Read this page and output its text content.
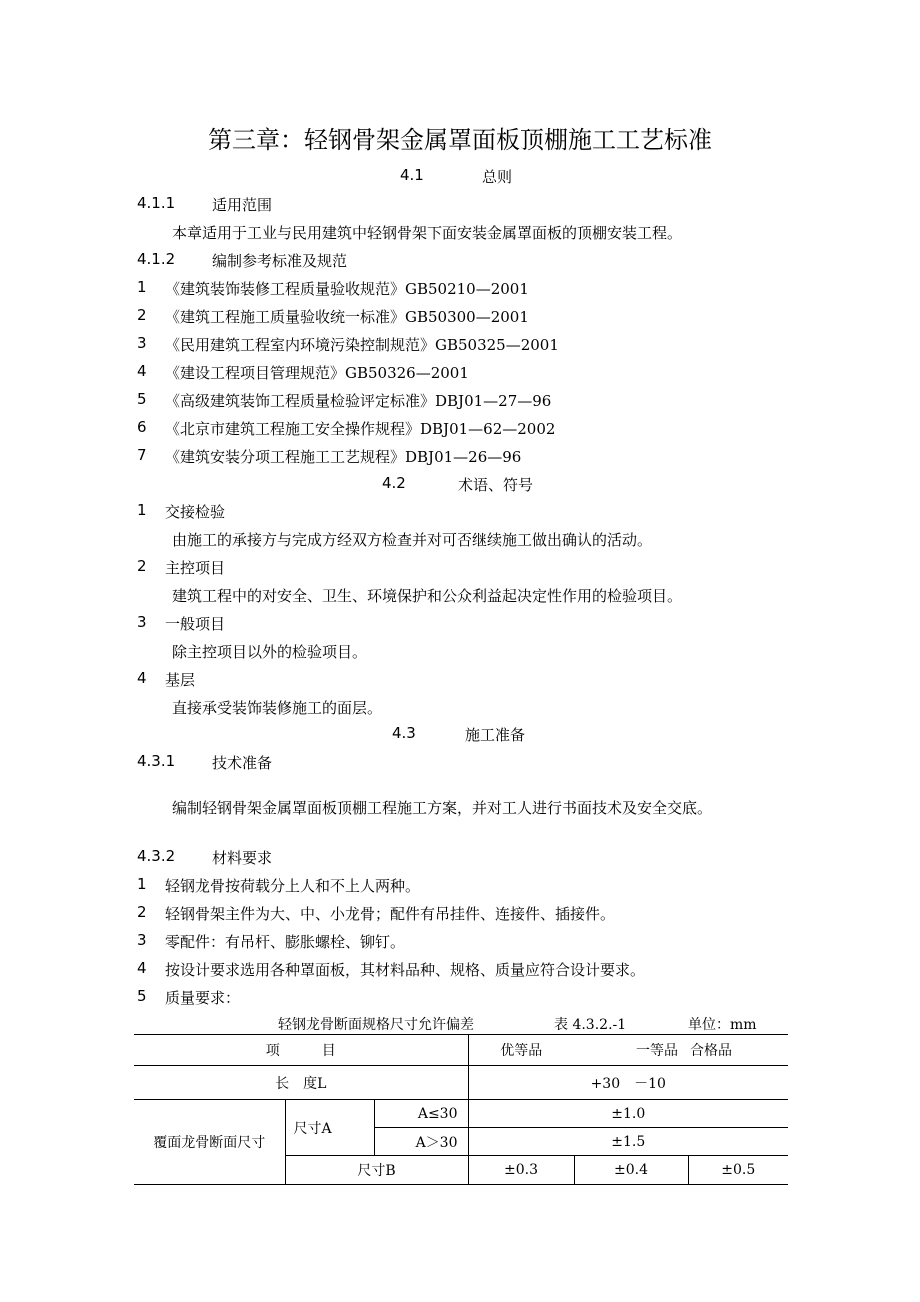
第三章：轻钢骨架金属罩面板顶棚施工工艺标准
4.1	总则
4.1.1 适用范围
本章适用于工业与民用建筑中轻钢骨架下面安装金属罩面板的顶棚安装工程。
4.1.2 编制参考标准及规范
1 《建筑装饰装修工程质量验收规范》GB50210—2001
2 《建筑工程施工质量验收统一标准》GB50300—2001
3 《民用建筑工程室内环境污染控制规范》GB50325—2001
4 《建设工程项目管理规范》GB50326—2001
5 《高级建筑装饰工程质量检验评定标准》DBJ01—27—96
6 《北京市建筑工程施工安全操作规程》DBJ01—62—2002
7 《建筑安装分项工程施工工艺规程》DBJ01—26—96
4.2	术语、符号
1 交接检验
由施工的承接方与完成方经双方检查并对可否继续施工做出确认的活动。
2 主控项目
建筑工程中的对安全、卫生、环境保护和公众利益起决定性作用的检验项目。
3 一般项目
除主控项目以外的检验项目。
4 基层
直接承受装饰装修施工的面层。
4.3	施工准备
4.3.1 技术准备
编制轻钢骨架金属罩面板顶棚工程施工方案，并对工人进行书面技术及安全交底。
4.3.2 材料要求
1 轻钢龙骨按荷载分上人和不上人两种。
2 轻钢骨架主件为大、中、小龙骨；配件有吊挂件、连接件、插接件。
3 零配件：有吊杆、膨胀螺栓、铆钉。
4 按设计要求选用各种罩面板，其材料品种、规格、质量应符合设计要求。
5 质量要求：
轻钢龙骨断面规格尺寸允许偏差	表 4.3.2.-1	单位：mm
项　　　目			优等品	一等品	合格品
长　度L			+30　－10		
覆面龙骨断面尺寸	尺寸A	A≤30	±1.0		
		A＞30	±1.5		
	尺寸B		±0.3	±0.4	±0.5
